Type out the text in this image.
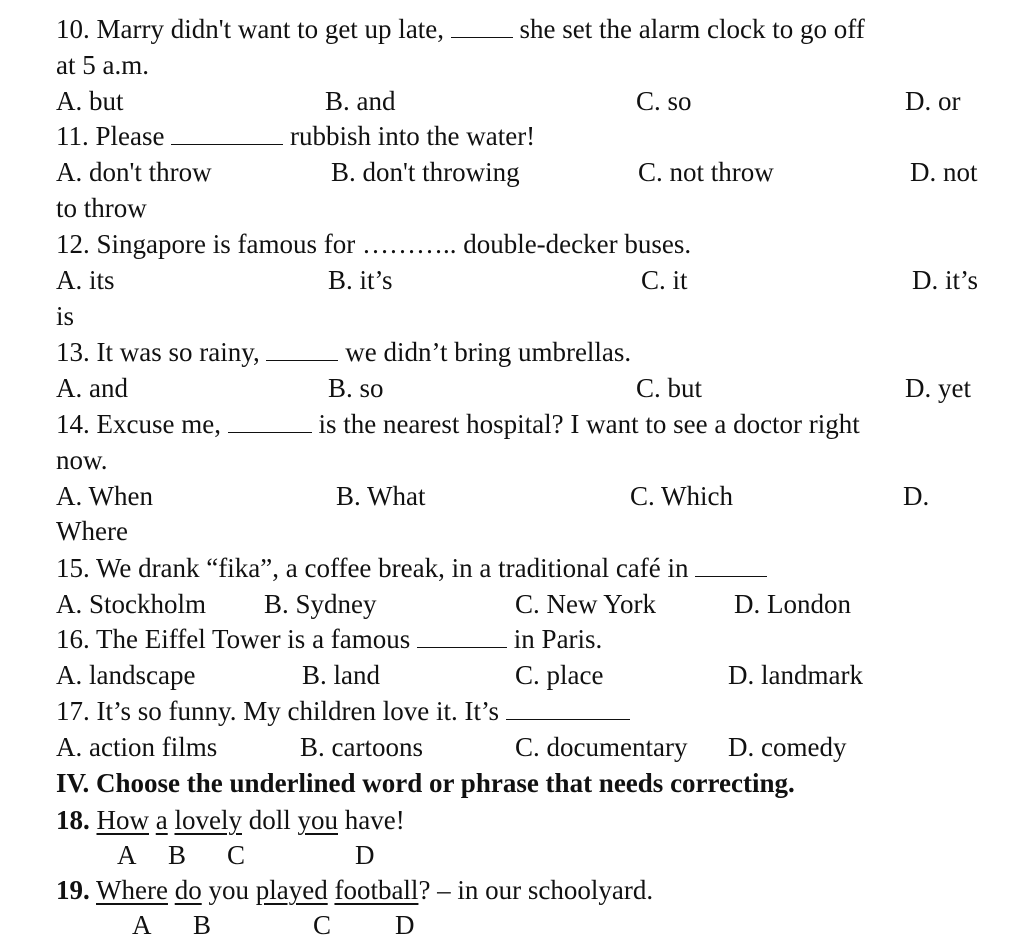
10. Marry didn't want to get up late,	she set the alarm clock to go off
at 5 a.m.
A. but	B. and	C. so	D. or
11. Please	rubbish into the water!
A. don't throw	B. don't throwing	C. not throw	D. not
to throw
12. Singapore is famous for ……….. double-decker buses.
A. its	B. it’s	C. it	D. it’s
is
13. It was so rainy,	we didn’t bring umbrellas.
A. and	B. so	C. but	D. yet
14. Excuse me,	is the nearest hospital? I want to see a doctor right
now.
A. When	B. What	C. Which	D.
Where
15. We drank “fika”, a coffee break, in a traditional café in
A. Stockholm B. Sydney	C. New York	D. London
16. The Eiffel Tower is a famous	in Paris.
A. landscape	B. land	C. place	D. landmark
17. It’s so funny. My children love it. It’s
A. action films	B. cartoons	C. documentary D. comedy
IV. Choose the underlined word or phrase that needs correcting.
18. How a lovely doll you have!
A B C	D
19. Where do you played football? – in our schoolyard.
A B	C D
